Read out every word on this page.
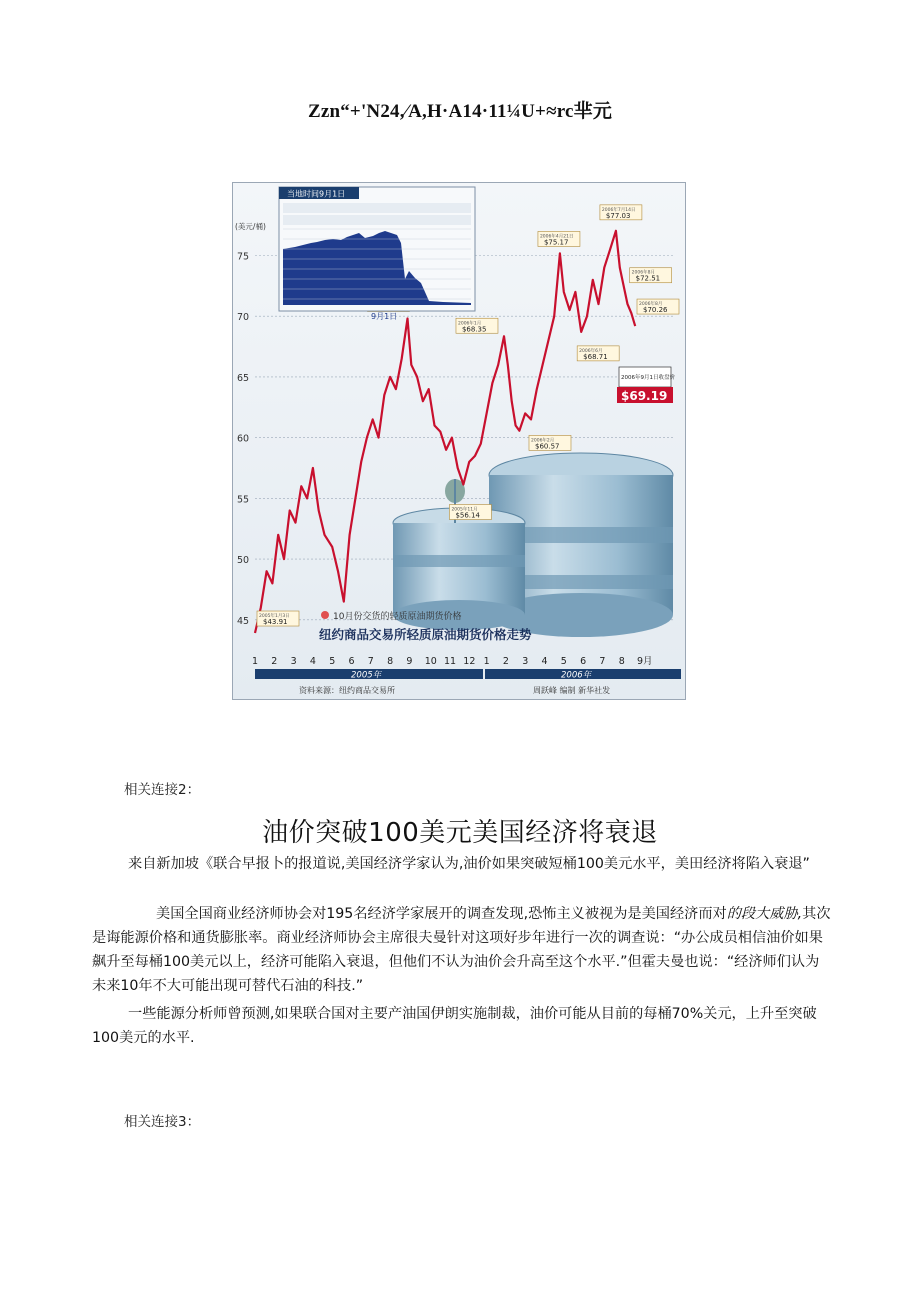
Zzn“+'N24,⁄A,H·A14·11¼U+≈rc芈元
45
50
55
60
65
70
75
2005年1月3日
$43.91
2005年11月
$56.14
2006年1月
$68.35
2006年2月
$60.57
2006年4月21日
$75.17
2006年7月14日
$77.03
2006年6月
$68.71
2006年8月
$72.51
2006年8月
$70.26
当地时间9月1日
9月1日
2006年9月1日收盘价
$69.19
10月份交货的轻质原油期货价格
纽约商品交易所轻质原油期货价格走势
(美元/桶)
1 2 3 4 5 6 7 8 9 10 11 12 1 2 3 4 5 6 7 8 9月
2005年	2006年
资料来源：纽约商品交易所	周跃峰 编制 新华社发
相关连接2：
油价突破100美元美国经济将衰退
来自新加坡《联合早报卜的报道说,美国经济学家认为,油价如果突破短桶100美元水平，美田经济将陷入衰退”
美国全国商业经济师协会对195名经济学家展开的调查发现,恐怖主义被视为是美国经济而对的段大威胁,其次是诲能源价格和通货膨胀率。商业经济师协会主席很夫曼针对这项好步年进行一次的调查说：“办公成员相信油价如果飙升至每桶100美元以上，经济可能陷入衰退，但他们不认为油价会升高至这个水平.”但霍夫曼也说：“经济师们认为未来10年不大可能出现可替代石油的科技.”
一些能源分析师曾预测,如果联合国对主要产油国伊朗实施制裁，油价可能从目前的每桶70%关元，上升至突破100美元的水平.
相关连接3：
